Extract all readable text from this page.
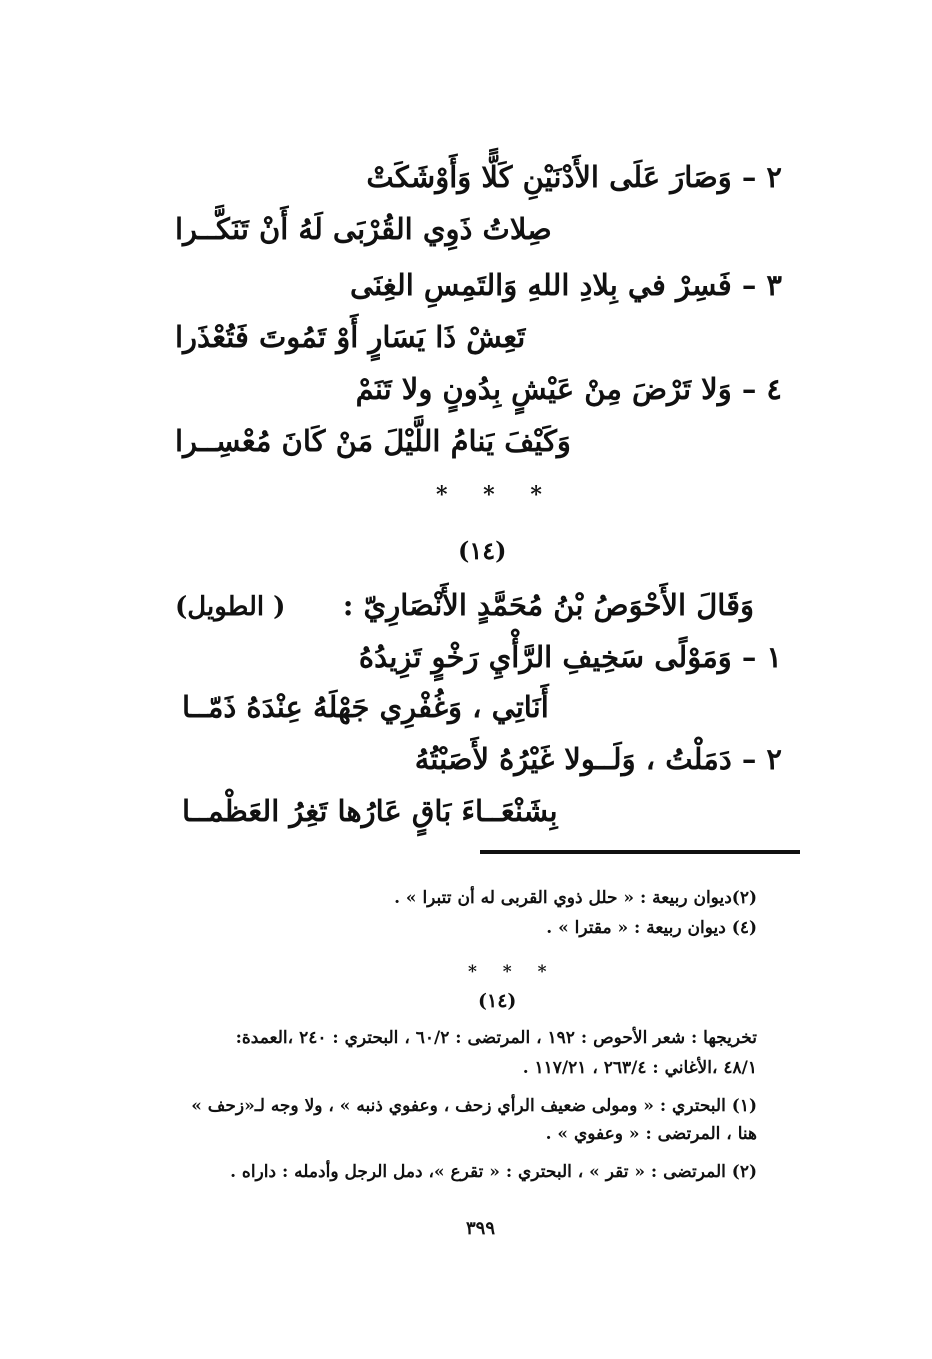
٢ – وَصَارَ عَلَى الأَدْنَيْنِ كَلًّا وَأَوْشَكَتْ
صِلاتُ ذَوِي القُرْبَى لَهُ أَنْ تَنَكَّــرا
٣ – فَسِرْ في بِلادِ اللهِ وَالتَمِسِ الغِنَى
تَعِشْ ذَا يَسَارٍ أَوْ تَمُوتَ فَتُعْذَرا
٤ – وَلا تَرْضَ مِنْ عَيْشٍ بِدُونٍ ولا تَنَمْ
وَكَيْفَ يَنامُ اللَّيْلَ مَنْ كَانَ مُعْسِــرا
* * *
(١٤)
وَقَالَ الأَحْوَصُ بْنُ مُحَمَّدٍ الأَنْصَارِيّ :
( الطويل)
١ – وَمَوْلًى سَخِيفِ الرَّأْيِ رَخْوٍ تَزِيدُهُ
أَنَاتِي ، وَغُفْرِي جَهْلَهُ عِنْدَهُ ذَمّــا
٢ – دَمَلْتُ ، وَلَــولا غَيْرُهُ لأَصَبْتُهُ
بِشَنْعَــاءَ بَاقٍ عَارُها تَغِرُ العَظْمــا
(٢)ديوان ربيعة : « حلل ذوي القربى له أن تتبرا » .
(٤) ديوان ربيعة : « مقترا » .
* * *
(١٤)
تخريجها : شعر الأحوص : ١٩٢ ، المرتضى : ٦٠/٢ ، البحتري : ٢٤٠ ،العمدة:
٤٨/١ ،الأغاني : ٢٦٣/٤ ، ١١٧/٢١ .
(١) البحتري : « ومولى ضعيف الرأي زحف ، وعفوي ذنبه » ، ولا وجه لـ«زحف »
هنا ، المرتضى : « وعفوي » .
(٢) المرتضى : « تقر » ، البحتري : « تقرع »، دمل الرجل وأدمله : داراه .
٣٩٩
